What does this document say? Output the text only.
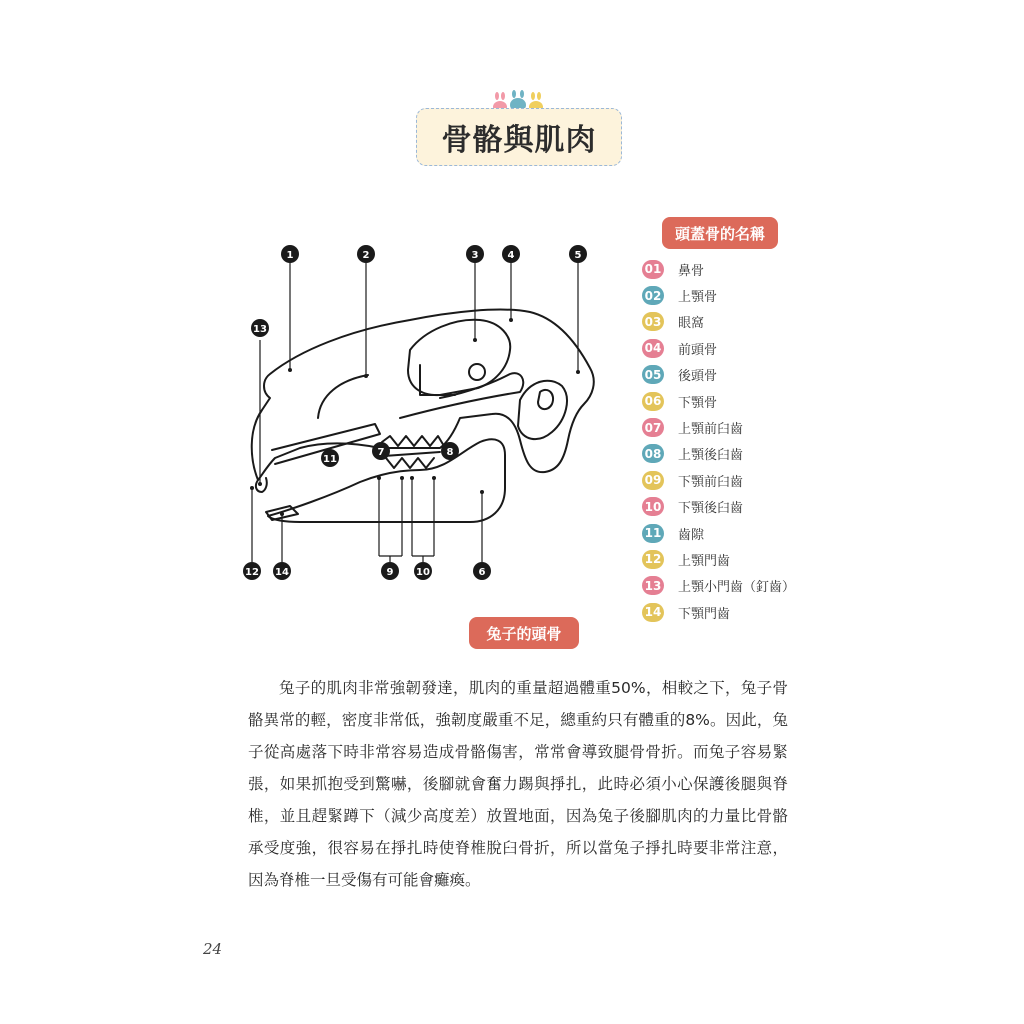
骨骼與肌肉
1	2	3	4	5
6
7	8
9 10
11
12
13
14
頭蓋骨的名稱
01 鼻骨
02 上顎骨
03 眼窩
04 前頭骨
05 後頭骨
06 下顎骨
07 上顎前臼齒
08 上顎後臼齒
09 下顎前臼齒
10 下顎後臼齒
11 齒隙
12 上顎門齒
13 上顎小門齒（釘齒）
14 下顎門齒
兔子的頭骨

兔子的肌肉非常強韌發達，肌肉的重量超過體重50%，相較之下，兔子骨骼異常的輕，密度非常低，強韌度嚴重不足，總重約只有體重的8%。因此，兔子從高處落下時非常容易造成骨骼傷害，常常會導致腿骨骨折。而兔子容易緊張，如果抓抱受到驚嚇，後腳就會奮力踢與掙扎，此時必須小心保護後腿與脊椎，並且趕緊蹲下（減少高度差）放置地面，因為兔子後腳肌肉的力量比骨骼承受度強，很容易在掙扎時使脊椎脫臼骨折，所以當兔子掙扎時要非常注意，因為脊椎一旦受傷有可能會癱瘓。

24
